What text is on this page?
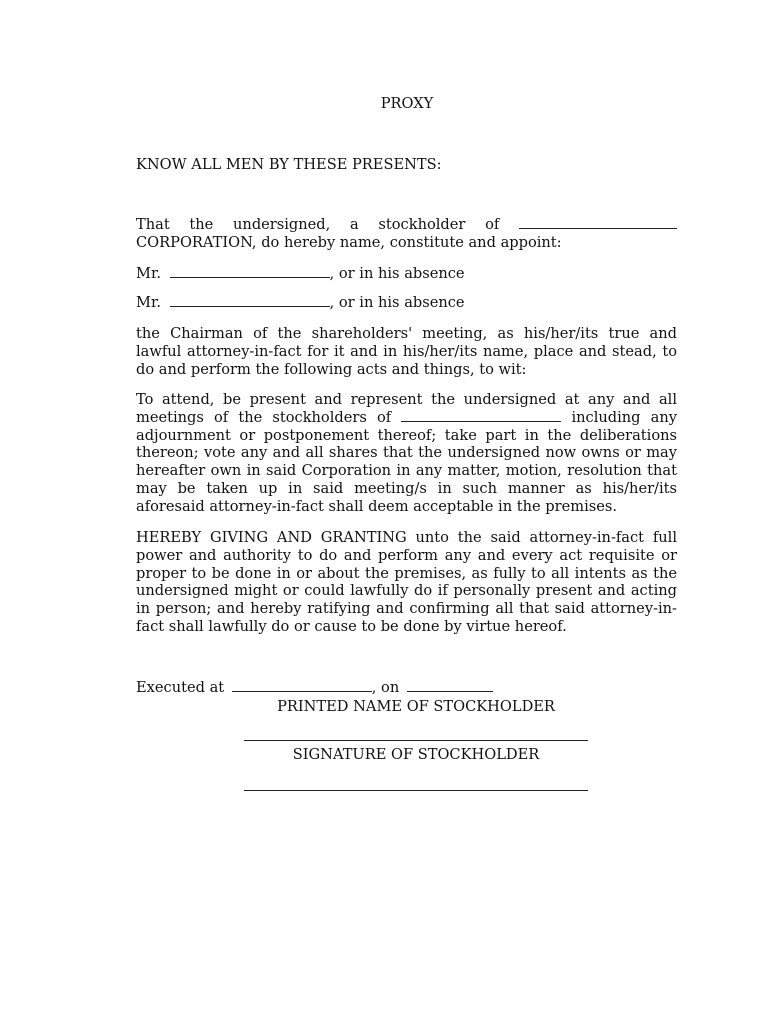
PROXY
KNOW ALL MEN BY THESE PRESENTS:
That the undersigned, a stockholder of
CORPORATION, do hereby name, constitute and appoint:
Mr.	, or in his absence
Mr.	, or in his absence
the Chairman of the shareholders' meeting, as his/her/its true and lawful attorney-in-fact for it and in his/her/its name, place and stead, to do and perform the following acts and things, to wit:
To attend, be present and represent the undersigned at any and all meetings of the stockholders of	including any adjournment or postponement thereof; take part in the deliberations thereon; vote any and all shares that the undersigned now owns or may hereafter own in said Corporation in any matter, motion, resolution that may be taken up in said meeting/s in such manner as his/her/its aforesaid attorney-in-fact shall deem acceptable in the premises.
HEREBY GIVING AND GRANTING unto the said attorney-in-fact full power and authority to do and perform any and every act requisite or proper to be done in or about the premises, as fully to all intents as the undersigned might or could lawfully do if personally present and acting in person; and hereby ratifying and confirming all that said attorney-in-fact shall lawfully do or cause to be done by virtue hereof.
Executed at	, on
PRINTED NAME OF STOCKHOLDER
SIGNATURE OF STOCKHOLDER
